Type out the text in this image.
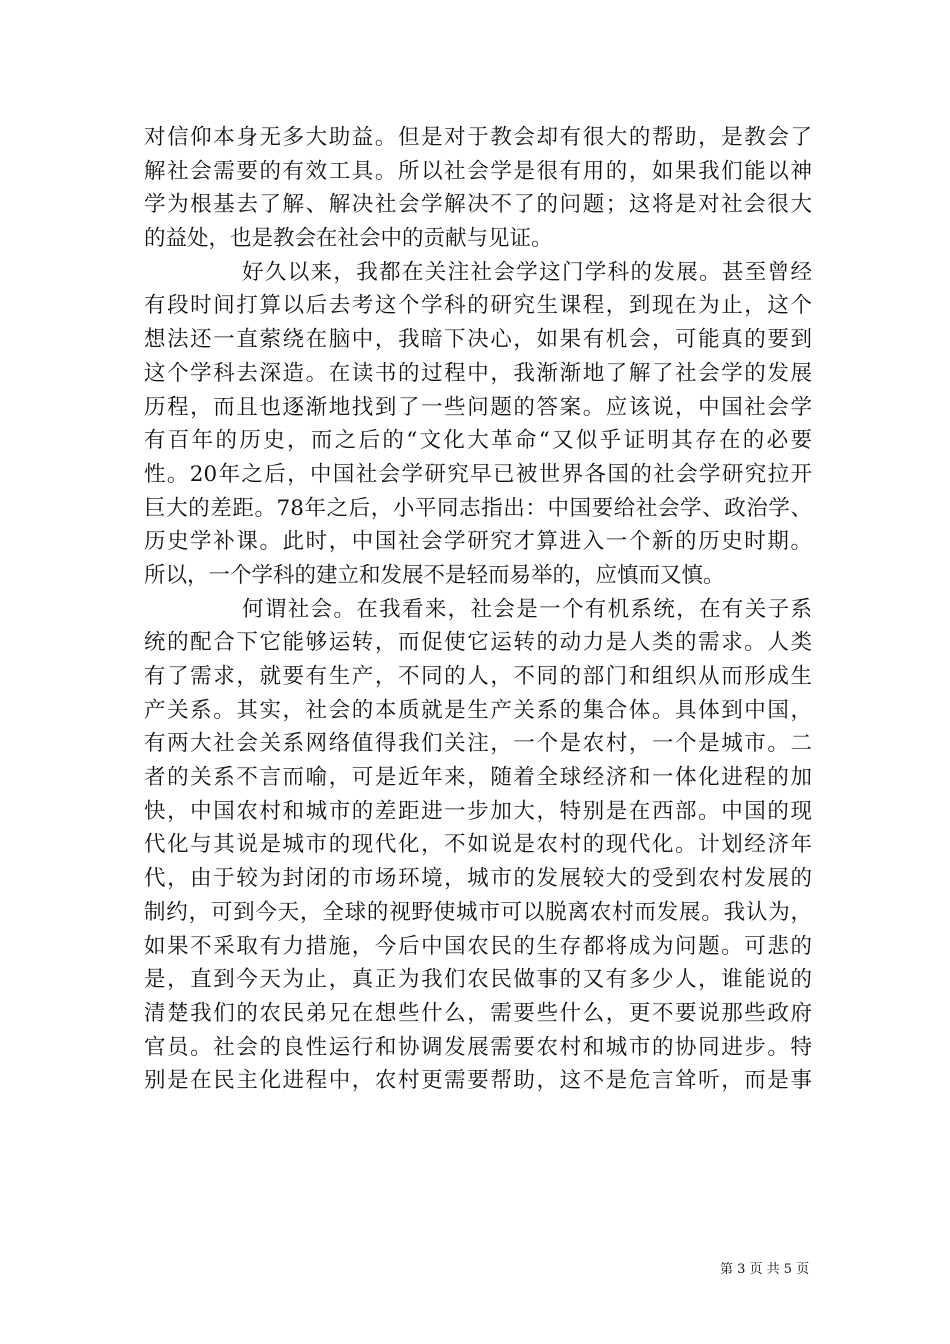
对信仰本身无多大助益。但是对于教会却有很大的帮助，是教会了
解社会需要的有效工具。所以社会学是很有用的，如果我们能以神
学为根基去了解、解决社会学解决不了的问题；这将是对社会很大
的益处，也是教会在社会中的贡献与见证。
好久以来，我都在关注社会学这门学科的发展。甚至曾经
有段时间打算以后去考这个学科的研究生课程，到现在为止，这个
想法还一直萦绕在脑中，我暗下决心，如果有机会，可能真的要到
这个学科去深造。在读书的过程中，我渐渐地了解了社会学的发展
历程，而且也逐渐地找到了一些问题的答案。应该说，中国社会学
有百年的历史，而之后的“文化大革命“又似乎证明其存在的必要
性。20年之后，中国社会学研究早已被世界各国的社会学研究拉开
巨大的差距。78年之后，小平同志指出：中国要给社会学、政治学、
历史学补课。此时，中国社会学研究才算进入一个新的历史时期。
所以，一个学科的建立和发展不是轻而易举的，应慎而又慎。
何谓社会。在我看来，社会是一个有机系统，在有关子系
统的配合下它能够运转，而促使它运转的动力是人类的需求。人类
有了需求，就要有生产，不同的人，不同的部门和组织从而形成生
产关系。其实，社会的本质就是生产关系的集合体。具体到中国，
有两大社会关系网络值得我们关注，一个是农村，一个是城市。二
者的关系不言而喻，可是近年来，随着全球经济和一体化进程的加
快，中国农村和城市的差距进一步加大，特别是在西部。中国的现
代化与其说是城市的现代化，不如说是农村的现代化。计划经济年
代，由于较为封闭的市场环境，城市的发展较大的受到农村发展的
制约，可到今天，全球的视野使城市可以脱离农村而发展。我认为，
如果不采取有力措施，今后中国农民的生存都将成为问题。可悲的
是，直到今天为止，真正为我们农民做事的又有多少人，谁能说的
清楚我们的农民弟兄在想些什么，需要些什么，更不要说那些政府
官员。社会的良性运行和协调发展需要农村和城市的协同进步。特
别是在民主化进程中，农村更需要帮助，这不是危言耸听，而是事
第 3 页 共 5 页
